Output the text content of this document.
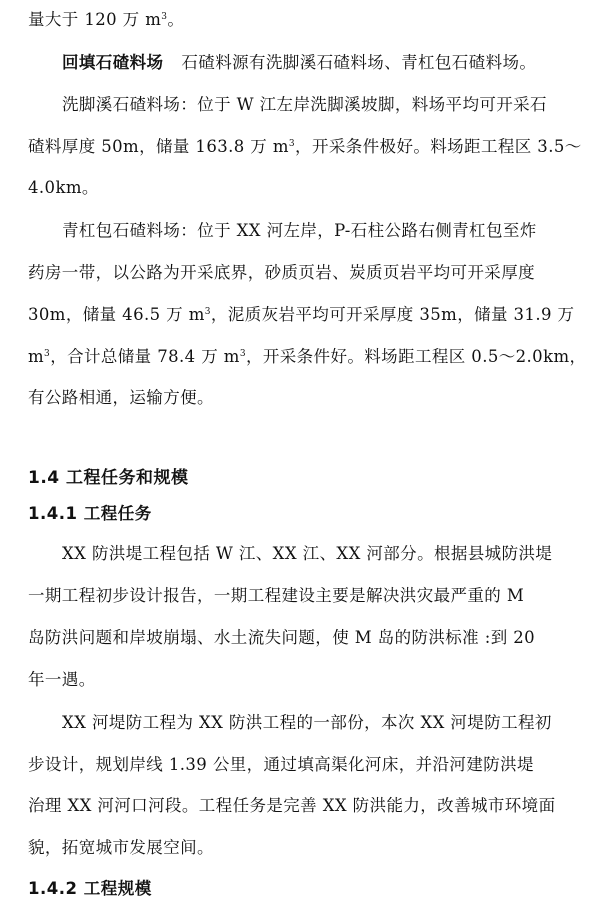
量大于 120 万 $m^3$。
回填石碴料场 石碴料源有洗脚溪石碴料场、青杠包石碴料场。
洗脚溪石碴料场：位于 W 江左岸洗脚溪坡脚，料场平均可开采石
碴料厚度 50m，储量 163.8 万 $m^3$，开采条件极好。料场距工程区 3.5～
4.0km。
青杠包石碴料场：位于 XX 河左岸，P-石柱公路右侧青杠包至炸
药房一带，以公路为开采底界，砂质页岩、炭质页岩平均可开采厚度
30m，储量 46.5 万 $m^3$，泥质灰岩平均可开采厚度 35m，储量 31.9 万
$m^3$，合计总储量 78.4 万 $m^3$，开采条件好。料场距工程区 0.5～2.0km，
有公路相通，运输方便。
1.4 工程任务和规模
1.4.1 工程任务
XX 防洪堤工程包括 W 江、XX 江、XX 河部分。根据县城防洪堤
一期工程初步设计报告，一期工程建设主要是解决洪灾最严重的 M
岛防洪问题和岸坡崩塌、水土流失问题，使 M 岛的防洪标准 :到 20
年一遇。
XX 河堤防工程为 XX 防洪工程的一部份，本次 XX 河堤防工程初
步设计，规划岸线 1.39 公里，通过填高渠化河床，并沿河建防洪堤
治理 XX 河河口河段。工程任务是完善 XX 防洪能力，改善城市环境面
貌，拓宽城市发展空间。
1.4.2 工程规模
